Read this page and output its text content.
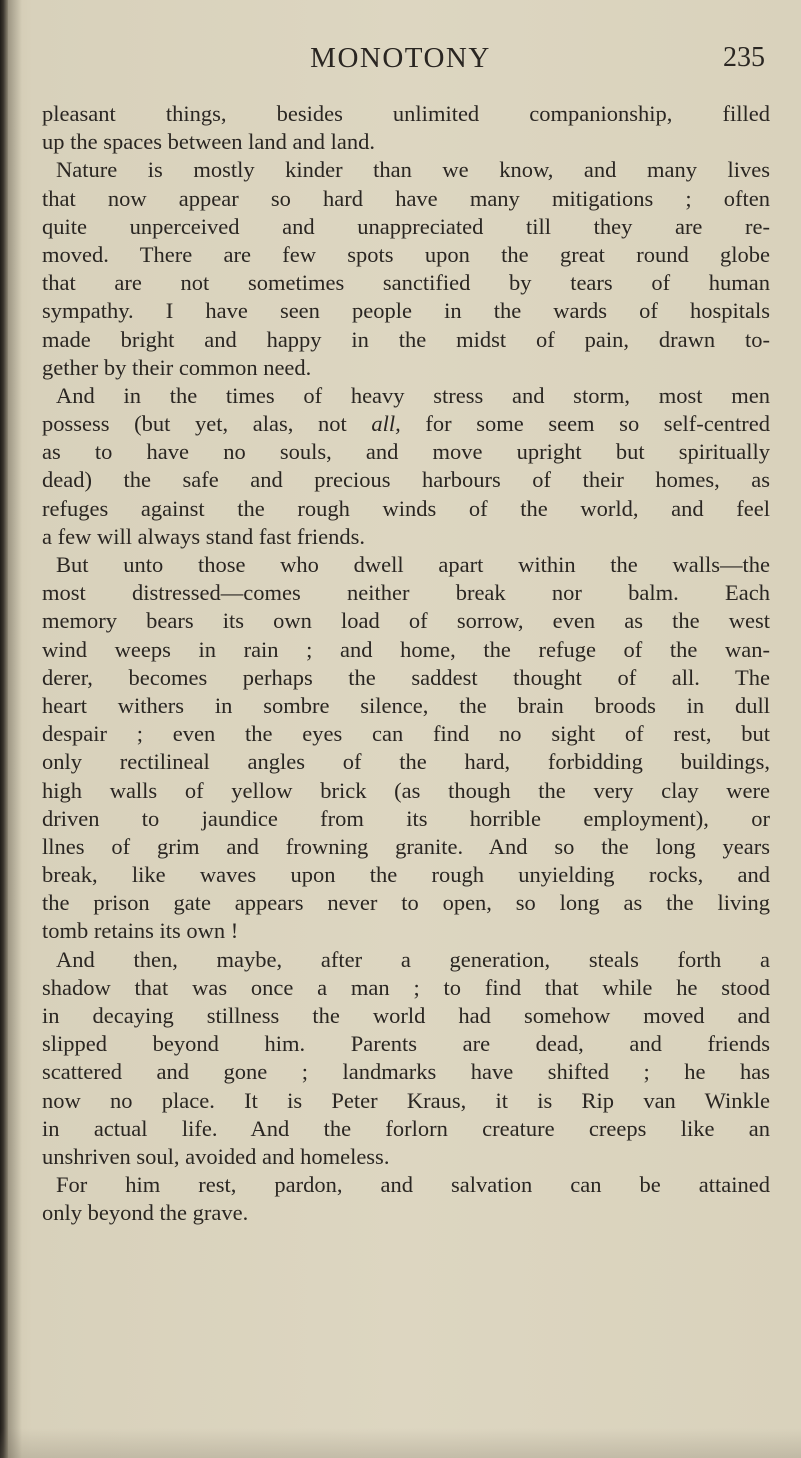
MONOTONY	235
pleasant things, besides unlimited companionship, filled
up the spaces between land and land.
Nature is mostly kinder than we know, and many lives
that now appear so hard have many mitigations ; often
quite unperceived and unappreciated till they are re-
moved. There are few spots upon the great round globe
that are not sometimes sanctified by tears of human
sympathy. I have seen people in the wards of hospitals
made bright and happy in the midst of pain, drawn to-
gether by their common need.
And in the times of heavy stress and storm, most men
possess (but yet, alas, not all, for some seem so self-centred
as to have no souls, and move upright but spiritually
dead) the safe and precious harbours of their homes, as
refuges against the rough winds of the world, and feel
a few will always stand fast friends.
But unto those who dwell apart within the walls—the
most distressed—comes neither break nor balm. Each
memory bears its own load of sorrow, even as the west
wind weeps in rain ; and home, the refuge of the wan-
derer, becomes perhaps the saddest thought of all. The
heart withers in sombre silence, the brain broods in dull
despair ; even the eyes can find no sight of rest, but
only rectilineal angles of the hard, forbidding buildings,
high walls of yellow brick (as though the very clay were
driven to jaundice from its horrible employment), or
llnes of grim and frowning granite. And so the long years
break, like waves upon the rough unyielding rocks, and
the prison gate appears never to open, so long as the living
tomb retains its own !
And then, maybe, after a generation, steals forth a
shadow that was once a man ; to find that while he stood
in decaying stillness the world had somehow moved and
slipped beyond him. Parents are dead, and friends
scattered and gone ; landmarks have shifted ; he has
now no place. It is Peter Kraus, it is Rip van Winkle
in actual life. And the forlorn creature creeps like an
unshriven soul, avoided and homeless.
For him rest, pardon, and salvation can be attained
only beyond the grave.
